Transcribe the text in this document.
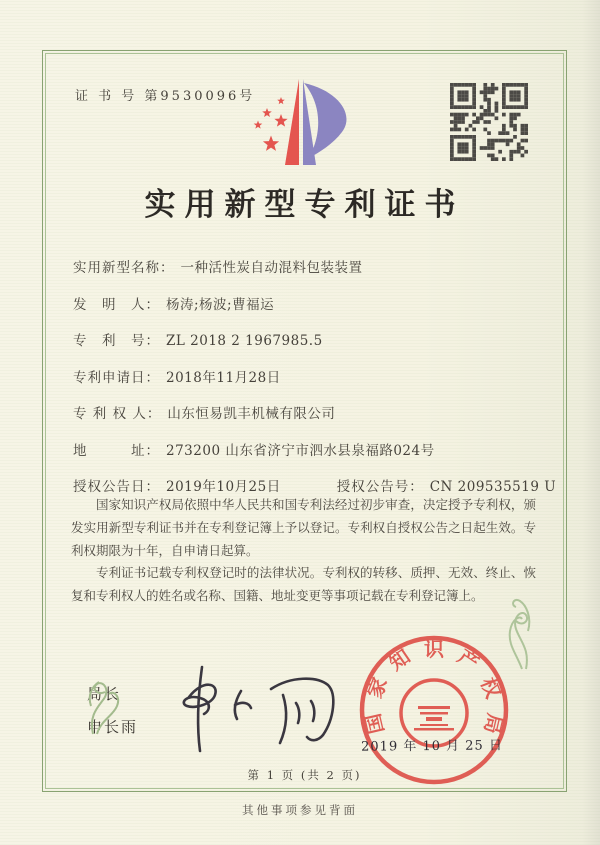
证 书 号 第9530096号
实用新型专利证书
实用新型名称： 一种活性炭自动混料包装装置
发　明　人： 杨涛;杨波;曹福运
专　利　号： ZL 2018 2 1967985.5
专利申请日： 2018年11月28日
专 利 权 人： 山东恒易凯丰机械有限公司
地　　　址： 273200 山东省济宁市泗水县泉福路024号
授权公告日： 2019年10月25日	授权公告号： CN 209535519 U

国家知识产权局依照中华人民共和国专利法经过初步审查，决定授予专利权，颁发实用新型专利证书并在专利登记簿上予以登记。专利权自授权公告之日起生效。专利权期限为十年，自申请日起算。

专利证书记载专利权登记时的法律状况。专利权的转移、质押、无效、终止、恢复和专利权人的姓名或名称、国籍、地址变更等事项记载在专利登记簿上。

局长
申长雨	国
家
知 识 产
权
局
2019 年 10 月 25 日
第 1 页 (共 2 页)
其他事项参见背面
